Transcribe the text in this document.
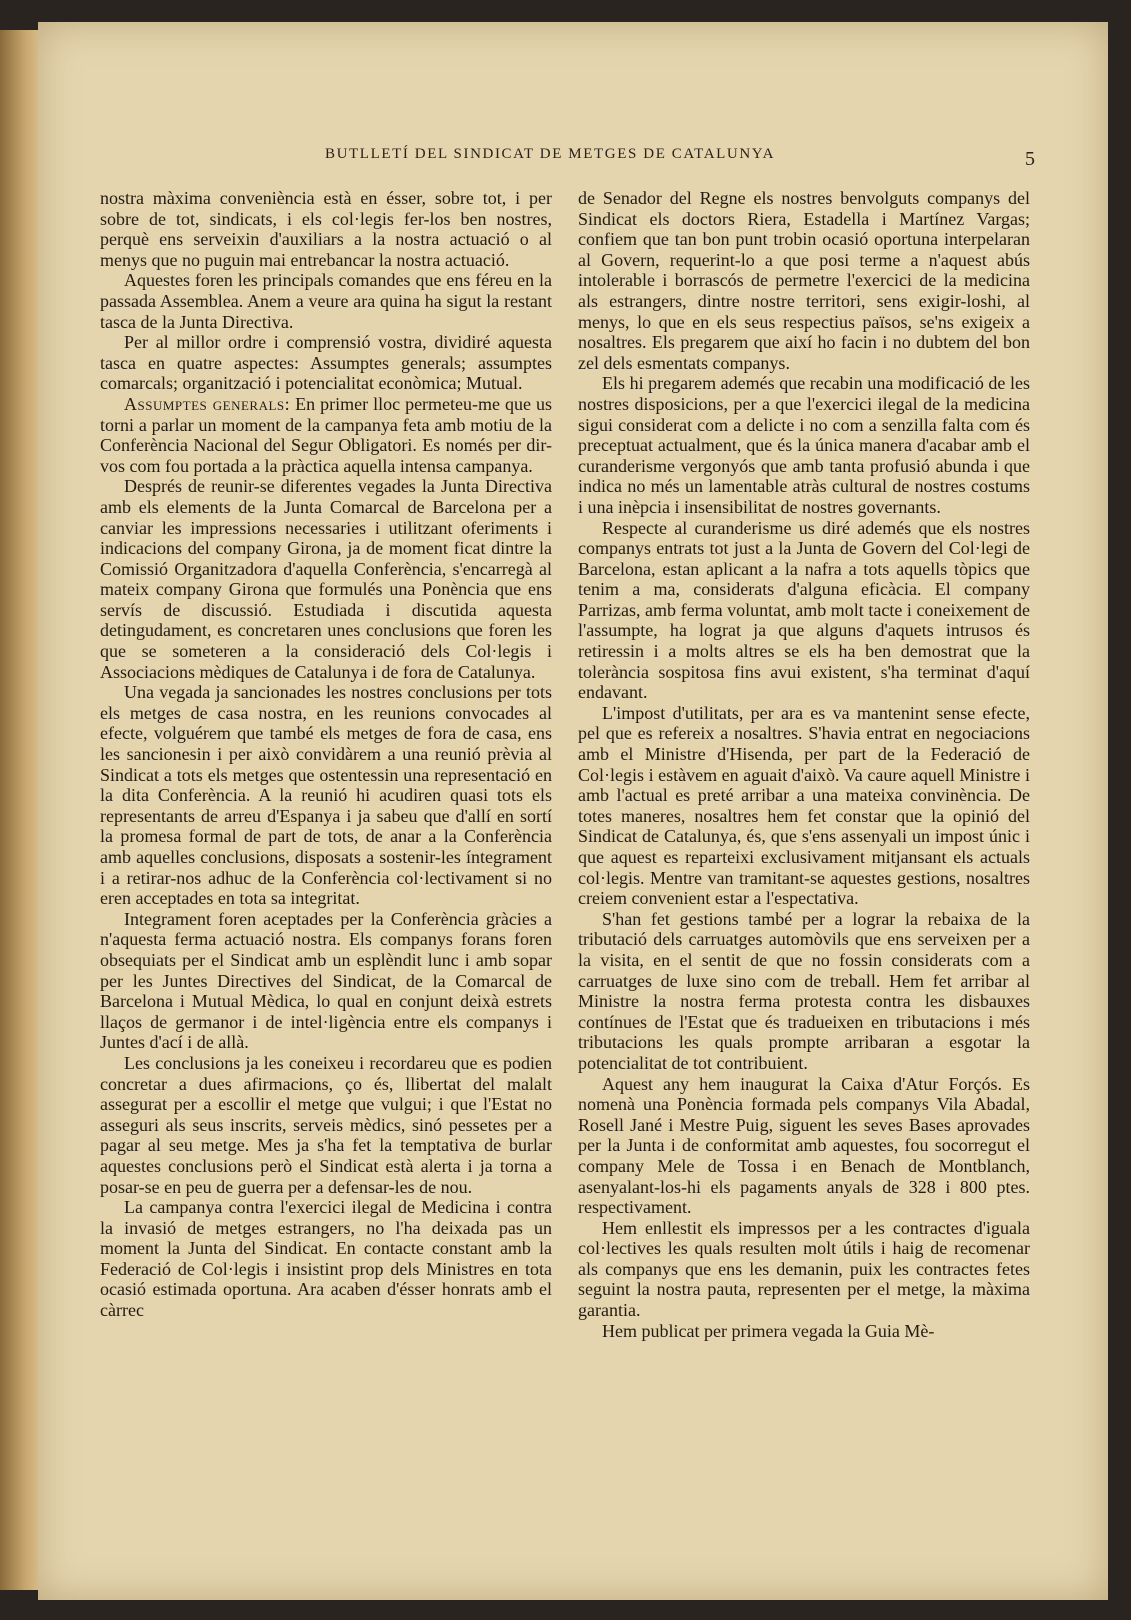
BUTLLETÍ DEL SINDICAT DE METGES DE CATALUNYA	5

nostra màxima conveniència està en ésser, sobre tot, i per sobre de tot, sindicats, i els col·legis fer-los ben nostres, perquè ens serveixin d'auxiliars a la nostra actuació o al menys que no puguin mai entrebancar la nostra actuació.

Aquestes foren les principals comandes que ens féreu en la passada Assemblea. Anem a veure ara quina ha sigut la restant tasca de la Junta Directiva.

Per al millor ordre i comprensió vostra, dividiré aquesta tasca en quatre aspectes: Assumptes generals; assumptes comarcals; organització i potencialitat econòmica; Mutual.

Assumptes generals: En primer lloc permeteu-me que us torni a parlar un moment de la campanya feta amb motiu de la Conferència Nacional del Segur Obligatori. Es només per dir-vos com fou portada a la pràctica aquella intensa campanya.

Després de reunir-se diferentes vegades la Junta Directiva amb els elements de la Junta Comarcal de Barcelona per a canviar les impressions necessaries i utilitzant oferiments i indicacions del company Girona, ja de moment ficat dintre la Comissió Organitzadora d'aquella Conferència, s'encarregà al mateix company Girona que formulés una Ponència que ens servís de discussió. Estudiada i discutida aquesta detingudament, es concretaren unes conclusions que foren les que se someteren a la consideració dels Col·legis i Associacions mèdiques de Catalunya i de fora de Catalunya.

Una vegada ja sancionades les nostres conclusions per tots els metges de casa nostra, en les reunions convocades al efecte, volguérem que també els metges de fora de casa, ens les sancionesin i per això convidàrem a una reunió prèvia al Sindicat a tots els metges que ostentessin una representació en la dita Conferència. A la reunió hi acudiren quasi tots els representants de arreu d'Espanya i ja sabeu que d'allí en sortí la promesa formal de part de tots, de anar a la Conferència amb aquelles conclusions, disposats a sostenir-les íntegrament i a retirar-nos adhuc de la Conferència col·lectivament si no eren acceptades en tota sa integritat.

Integrament foren aceptades per la Conferència gràcies a n'aquesta ferma actuació nostra. Els companys forans foren obsequiats per el Sindicat amb un esplèndit lunc i amb sopar per les Juntes Directives del Sindicat, de la Comarcal de Barcelona i Mutual Mèdica, lo qual en conjunt deixà estrets llaços de germanor i de intel·ligència entre els companys i Juntes d'ací i de allà.

Les conclusions ja les coneixeu i recordareu que es podien concretar a dues afirmacions, ço és, llibertat del malalt assegurat per a escollir el metge que vulgui; i que l'Estat no asseguri als seus inscrits, serveis mèdics, sinó pessetes per a pagar al seu metge. Mes ja s'ha fet la temptativa de burlar aquestes conclusions però el Sindicat està alerta i ja torna a posar-se en peu de guerra per a defensar-les de nou.

La campanya contra l'exercici ilegal de Medicina i contra la invasió de metges estrangers, no l'ha deixada pas un moment la Junta del Sindicat. En contacte constant amb la Federació de Col·legis i insistint prop dels Ministres en tota ocasió estimada oportuna. Ara acaben d'ésser honrats amb el càrrec

de Senador del Regne els nostres benvolguts companys del Sindicat els doctors Riera, Estadella i Martínez Vargas; confiem que tan bon punt trobin ocasió oportuna interpelaran al Govern, requerint-lo a que posi terme a n'aquest abús intolerable i borrascós de permetre l'exercici de la medicina als estrangers, dintre nostre territori, sens exigir-loshi, al menys, lo que en els seus respectius països, se'ns exigeix a nosaltres. Els pregarem que així ho facin i no dubtem del bon zel dels esmentats companys.

Els hi pregarem ademés que recabin una modificació de les nostres disposicions, per a que l'exercici ilegal de la medicina sigui considerat com a delicte i no com a senzilla falta com és preceptuat actualment, que és la única manera d'acabar amb el curanderisme vergonyós que amb tanta profusió abunda i que indica no més un lamentable atràs cultural de nostres costums i una inèpcia i insensibilitat de nostres governants.

Respecte al curanderisme us diré ademés que els nostres companys entrats tot just a la Junta de Govern del Col·legi de Barcelona, estan aplicant a la nafra a tots aquells tòpics que tenim a ma, considerats d'alguna eficàcia. El company Parrizas, amb ferma voluntat, amb molt tacte i coneixement de l'assumpte, ha lograt ja que alguns d'aquets intrusos és retiressin i a molts altres se els ha ben demostrat que la tolerància sospitosa fins avui existent, s'ha terminat d'aquí endavant.

L'impost d'utilitats, per ara es va mantenint sense efecte, pel que es refereix a nosaltres. S'havia entrat en negociacions amb el Ministre d'Hisenda, per part de la Federació de Col·legis i estàvem en aguait d'això. Va caure aquell Ministre i amb l'actual es preté arribar a una mateixa convinència. De totes maneres, nosaltres hem fet constar que la opinió del Sindicat de Catalunya, és, que s'ens assenyali un impost únic i que aquest es reparteixi exclusivament mitjansant els actuals col·legis. Mentre van tramitant-se aquestes gestions, nosaltres creiem convenient estar a l'espectativa.

S'han fet gestions també per a lograr la rebaixa de la tributació dels carruatges automòvils que ens serveixen per a la visita, en el sentit de que no fossin considerats com a carruatges de luxe sino com de treball. Hem fet arribar al Ministre la nostra ferma protesta contra les disbauxes contínues de l'Estat que és tradueixen en tributacions i més tributacions les quals prompte arribaran a esgotar la potencialitat de tot contribuient.

Aquest any hem inaugurat la Caixa d'Atur Forçós. Es nomenà una Ponència formada pels companys Vila Abadal, Rosell Jané i Mestre Puig, siguent les seves Bases aprovades per la Junta i de conformitat amb aquestes, fou socorregut el company Mele de Tossa i en Benach de Montblanch, asenyalant-los-hi els pagaments anyals de 328 i 800 ptes. respectivament.

Hem enllestit els impressos per a les contractes d'iguala col·lectives les quals resulten molt útils i haig de recomenar als companys que ens les demanin, puix les contractes fetes seguint la nostra pauta, representen per el metge, la màxima garantia.

Hem publicat per primera vegada la Guia Mè-
